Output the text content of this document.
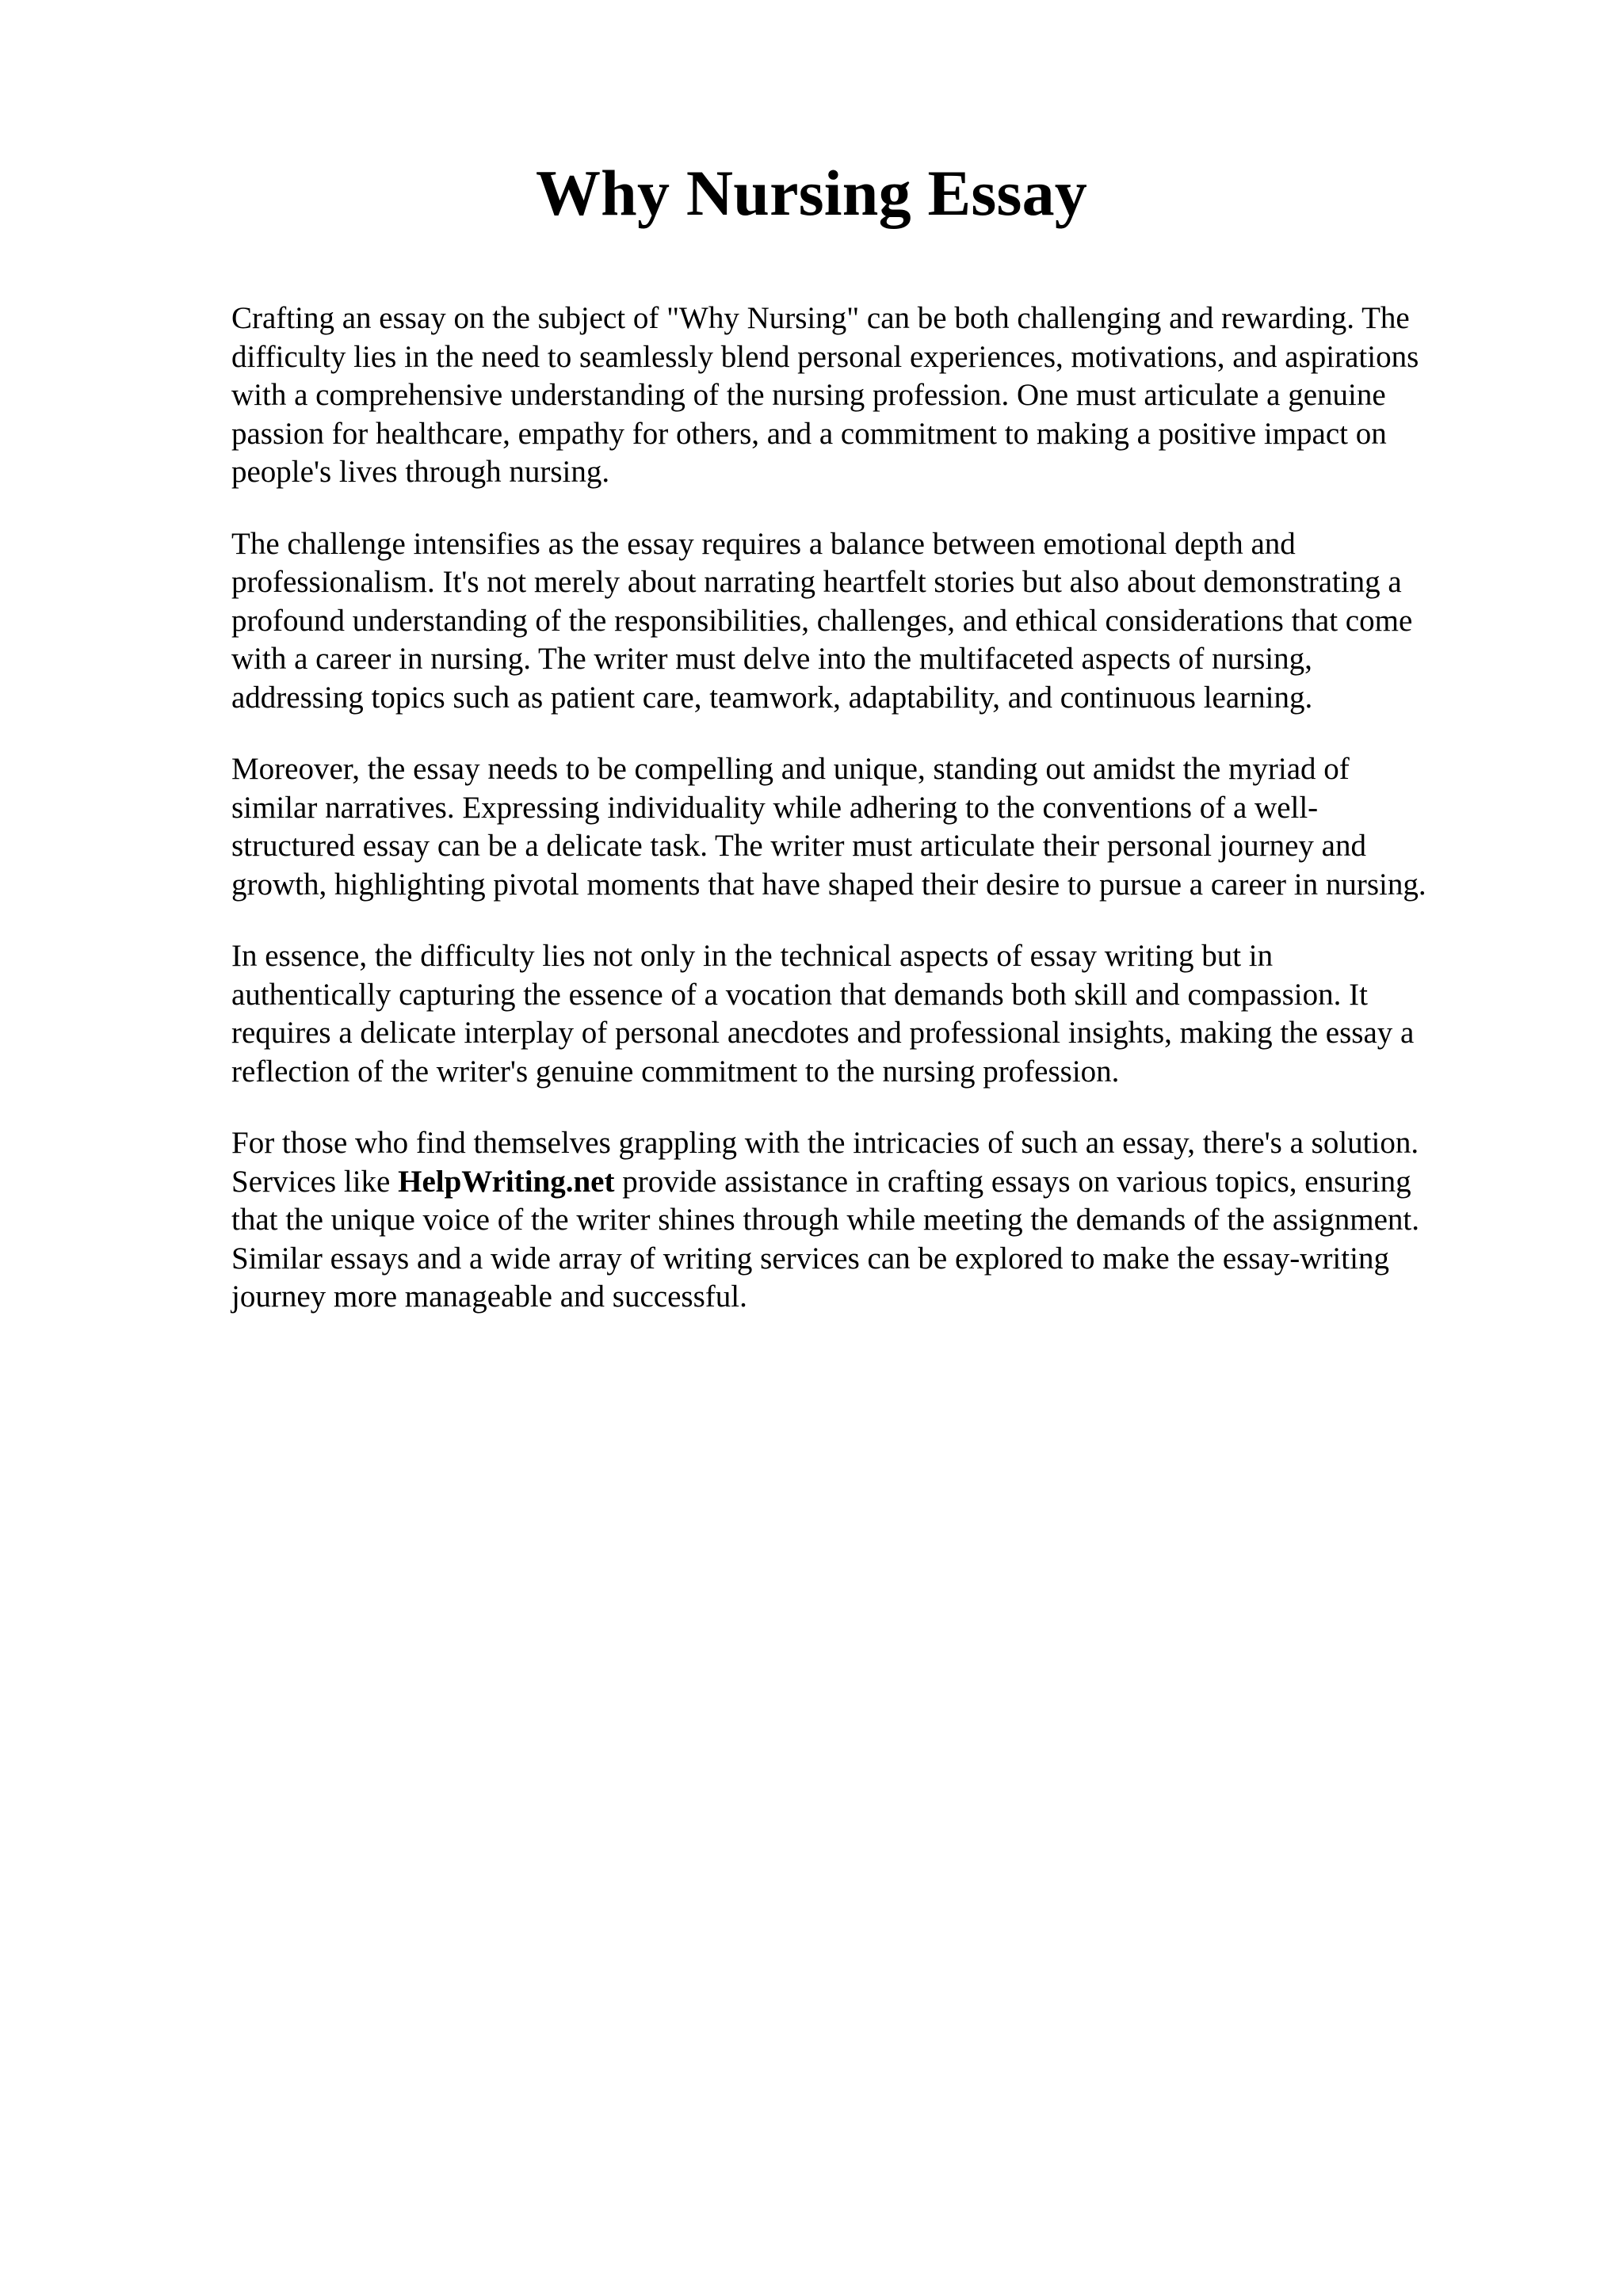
Why Nursing Essay

Crafting an essay on the subject of "Why Nursing" can be both challenging and rewarding. The
difficulty lies in the need to seamlessly blend personal experiences, motivations, and aspirations
with a comprehensive understanding of the nursing profession. One must articulate a genuine
passion for healthcare, empathy for others, and a commitment to making a positive impact on
people's lives through nursing.

The challenge intensifies as the essay requires a balance between emotional depth and
professionalism. It's not merely about narrating heartfelt stories but also about demonstrating a
profound understanding of the responsibilities, challenges, and ethical considerations that come
with a career in nursing. The writer must delve into the multifaceted aspects of nursing,
addressing topics such as patient care, teamwork, adaptability, and continuous learning.

Moreover, the essay needs to be compelling and unique, standing out amidst the myriad of
similar narratives. Expressing individuality while adhering to the conventions of a well-
structured essay can be a delicate task. The writer must articulate their personal journey and
growth, highlighting pivotal moments that have shaped their desire to pursue a career in nursing.

In essence, the difficulty lies not only in the technical aspects of essay writing but in
authentically capturing the essence of a vocation that demands both skill and compassion. It
requires a delicate interplay of personal anecdotes and professional insights, making the essay a
reflection of the writer's genuine commitment to the nursing profession.

For those who find themselves grappling with the intricacies of such an essay, there's a solution.
Services like HelpWriting.net provide assistance in crafting essays on various topics, ensuring
that the unique voice of the writer shines through while meeting the demands of the assignment.
Similar essays and a wide array of writing services can be explored to make the essay-writing
journey more manageable and successful.
